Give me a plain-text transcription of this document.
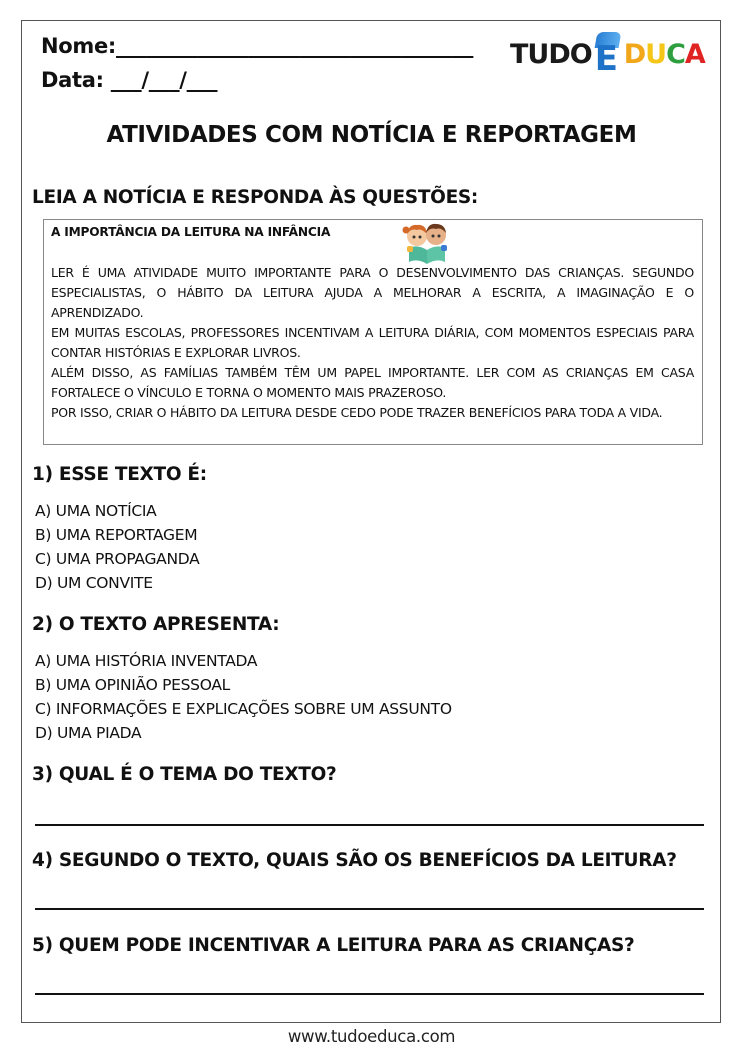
Nome:___________________________________
Data: ___/___/___
TUDO E D U C A
ATIVIDADES COM NOTÍCIA E REPORTAGEM
LEIA A NOTÍCIA E RESPONDA ÀS QUESTÕES:
A IMPORTÂNCIA DA LEITURA NA INFÂNCIA

LER É UMA ATIVIDADE MUITO IMPORTANTE PARA O DESENVOLVIMENTO DAS CRIANÇAS. SEGUNDO ESPECIALISTAS, O HÁBITO DA LEITURA AJUDA A MELHORAR A ESCRITA, A IMAGINAÇÃO E O APRENDIZADO.

EM MUITAS ESCOLAS, PROFESSORES INCENTIVAM A LEITURA DIÁRIA, COM MOMENTOS ESPECIAIS PARA CONTAR HISTÓRIAS E EXPLORAR LIVROS.

ALÉM DISSO, AS FAMÍLIAS TAMBÉM TÊM UM PAPEL IMPORTANTE. LER COM AS CRIANÇAS EM CASA FORTALECE O VÍNCULO E TORNA O MOMENTO MAIS PRAZEROSO.

POR ISSO, CRIAR O HÁBITO DA LEITURA DESDE CEDO PODE TRAZER BENEFÍCIOS PARA TODA A VIDA.

1) ESSE TEXTO É:
A) UMA NOTÍCIA
B) UMA REPORTAGEM
C) UMA PROPAGANDA
D) UM CONVITE
2) O TEXTO APRESENTA:
A) UMA HISTÓRIA INVENTADA
B) UMA OPINIÃO PESSOAL
C) INFORMAÇÕES E EXPLICAÇÕES SOBRE UM ASSUNTO
D) UMA PIADA
3) QUAL É O TEMA DO TEXTO?
4) SEGUNDO O TEXTO, QUAIS SÃO OS BENEFÍCIOS DA LEITURA?
5) QUEM PODE INCENTIVAR A LEITURA PARA AS CRIANÇAS?
www.tudoeduca.com
